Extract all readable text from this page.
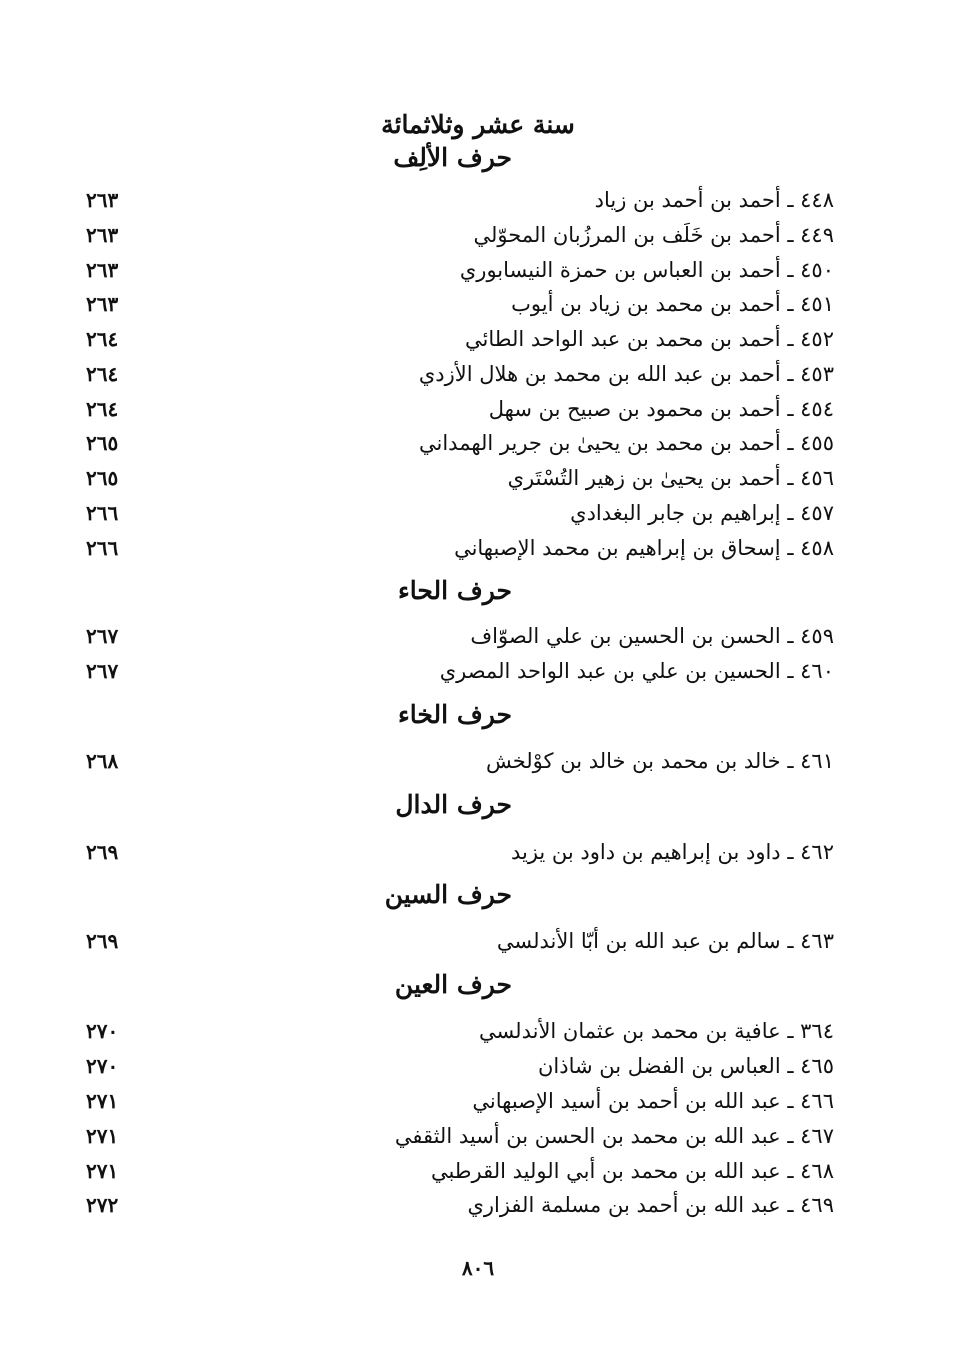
سنة عشر وثلاثمائة
حرف الألِف
٤٤٨ ـ أحمد بن أحمد بن زياد
٢٦٣
٤٤٩ ـ أحمد بن خَلَف بن المرزُبان المحوّلي
٢٦٣
٤٥٠ ـ أحمد بن العباس بن حمزة النيسابوري
٢٦٣
٤٥١ ـ أحمد بن محمد بن زياد بن أيوب
٢٦٣
٤٥٢ ـ أحمد بن محمد بن عبد الواحد الطائي
٢٦٤
٤٥٣ ـ أحمد بن عبد الله بن محمد بن هلال الأزدي
٢٦٤
٤٥٤ ـ أحمد بن محمود بن صبيح بن سهل
٢٦٤
٤٥٥ ـ أحمد بن محمد بن يحيىٰ بن جرير الهمداني
٢٦٥
٤٥٦ ـ أحمد بن يحيىٰ بن زهير التُسْتَري
٢٦٥
٤٥٧ ـ إبراهيم بن جابر البغدادي
٢٦٦
٤٥٨ ـ إسحاق بن إبراهيم بن محمد الإصبهاني
٢٦٦
حرف الحاء
٤٥٩ ـ الحسن بن الحسين بن علي الصوّاف
٢٦٧
٤٦٠ ـ الحسين بن علي بن عبد الواحد المصري
٢٦٧
حرف الخاء
٤٦١ ـ خالد بن محمد بن خالد بن كوْلخش
٢٦٨
حرف الدال
٤٦٢ ـ داود بن إبراهيم بن داود بن يزيد
٢٦٩
حرف السين
٤٦٣ ـ سالم بن عبد الله بن أبّا الأندلسي
٢٦٩
حرف العين
٣٦٤ ـ عافية بن محمد بن عثمان الأندلسي
٢٧٠
٤٦٥ ـ العباس بن الفضل بن شاذان
٢٧٠
٤٦٦ ـ عبد الله بن أحمد بن أسيد الإصبهاني
٢٧١
٤٦٧ ـ عبد الله بن محمد بن الحسن بن أسيد الثقفي
٢٧١
٤٦٨ ـ عبد الله بن محمد بن أبي الوليد القرطبي
٢٧١
٤٦٩ ـ عبد الله بن أحمد بن مسلمة الفزاري
٢٧٢
٨٠٦
